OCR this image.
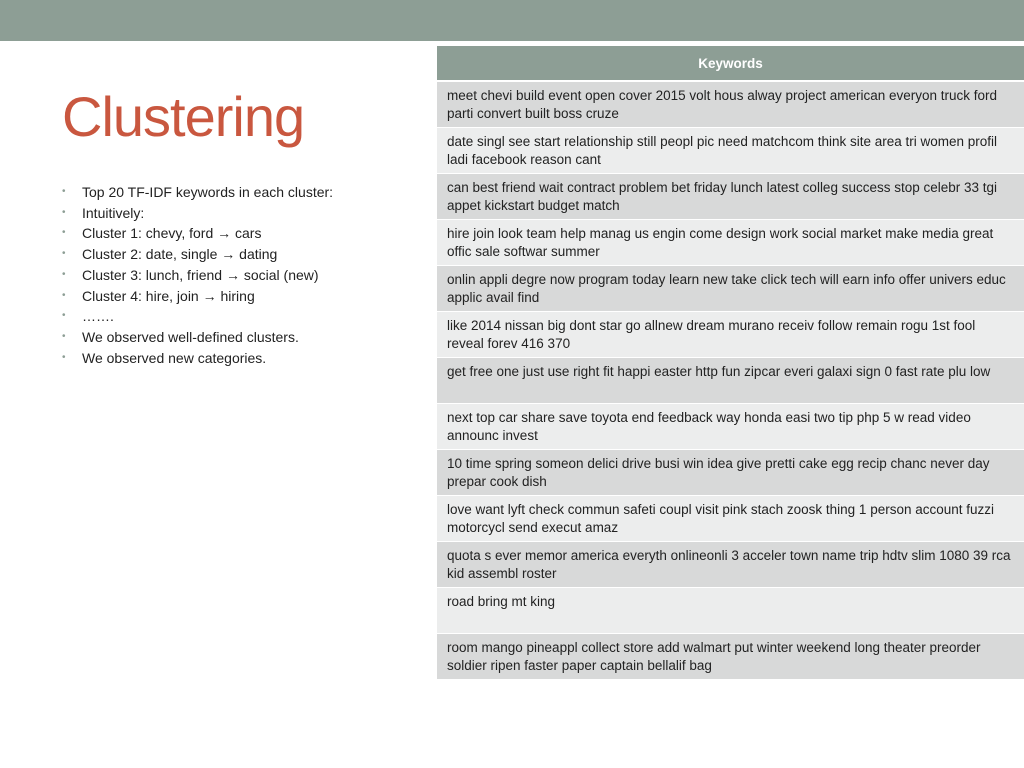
Clustering
• Top 20 TF-IDF keywords in each cluster:
• Intuitively:
• Cluster 1: chevy, ford → cars
• Cluster 2: date, single → dating
• Cluster 3: lunch, friend → social (new)
• Cluster 4: hire, join → hiring
• …….
• We observed well-defined clusters.
• We observed new categories.
Keywords
meet chevi build event open cover 2015 volt hous alway project american everyon truck ford parti convert built boss cruze
date singl see start relationship still peopl pic need matchcom think site area tri women profil ladi facebook reason cant
can best friend wait contract problem bet friday lunch latest colleg success stop celebr 33 tgi appet kickstart budget match
hire join look team help manag us engin come design work social market make media great offic sale softwar summer
onlin appli degre now program today learn new take click tech will earn info offer univers educ applic avail find
like 2014 nissan big dont star go allnew dream murano receiv follow remain rogu 1st fool reveal forev 416 370
get free one just use right fit happi easter http fun zipcar everi galaxi sign 0 fast rate plu low
next top car share save toyota end feedback way honda easi two tip php 5 w read video announc invest
10 time spring someon delici drive busi win idea give pretti cake egg recip chanc never day prepar cook dish
love want lyft check commun safeti coupl visit pink stach zoosk thing 1 person account fuzzi motorcycl send execut amaz
quota s ever memor america everyth onlineonli 3 acceler town name trip hdtv slim 1080 39 rca kid assembl roster
road bring mt king
room mango pineappl collect store add walmart put winter weekend long theater preorder soldier ripen faster paper captain bellalif bag
